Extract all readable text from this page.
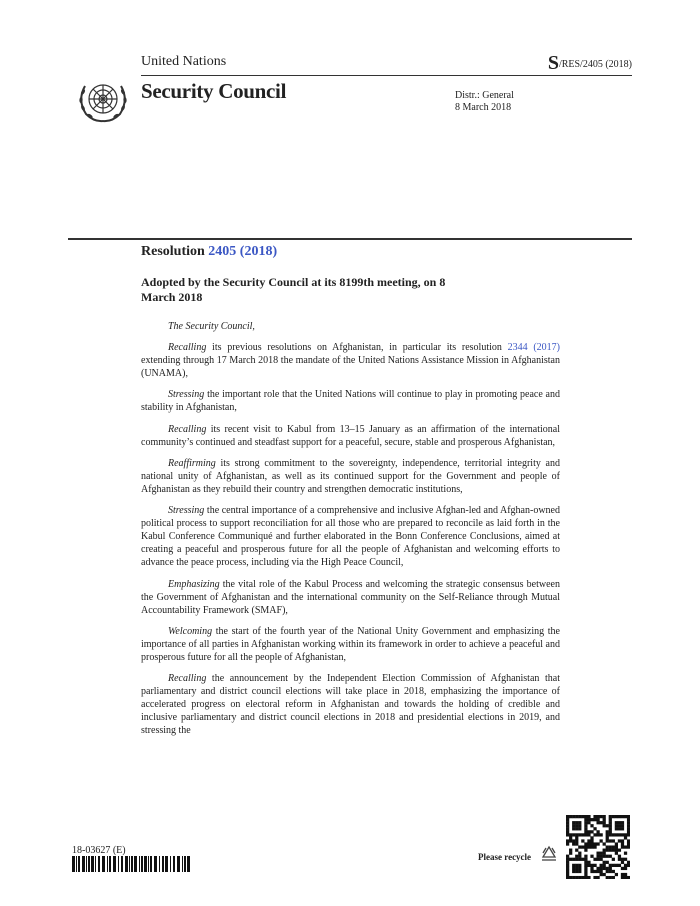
United Nations	S/RES/2405 (2018)
Security Council	Distr.: General
8 March 2018
Resolution 2405 (2018)
Adopted by the Security Council at its 8199th meeting, on 8 March 2018

The Security Council,

Recalling its previous resolutions on Afghanistan, in particular its resolution 2344 (2017) extending through 17 March 2018 the mandate of the United Nations Assistance Mission in Afghanistan (UNAMA),

Stressing the important role that the United Nations will continue to play in promoting peace and stability in Afghanistan,

Recalling its recent visit to Kabul from 13–15 January as an affirmation of the international community’s continued and steadfast support for a peaceful, secure, stable and prosperous Afghanistan,

Reaffirming its strong commitment to the sovereignty, independence, territorial integrity and national unity of Afghanistan, as well as its continued support for the Government and people of Afghanistan as they rebuild their country and strengthen democratic institutions,

Stressing the central importance of a comprehensive and inclusive Afghan-led and Afghan-owned political process to support reconciliation for all those who are prepared to reconcile as laid forth in the Kabul Conference Communiqué and further elaborated in the Bonn Conference Conclusions, aimed at creating a peaceful and prosperous future for all the people of Afghanistan and welcoming efforts to advance the peace process, including via the High Peace Council,

Emphasizing the vital role of the Kabul Process and welcoming the strategic consensus between the Government of Afghanistan and the international community on the Self-Reliance through Mutual Accountability Framework (SMAF),

Welcoming the start of the fourth year of the National Unity Government and emphasizing the importance of all parties in Afghanistan working within its framework in order to achieve a peaceful and prosperous future for all the people of Afghanistan,

Recalling the announcement by the Independent Election Commission of Afghanistan that parliamentary and district council elections will take place in 2018, emphasizing the importance of accelerated progress on electoral reform in Afghanistan and towards the holding of credible and inclusive parliamentary and district council elections in 2018 and presidential elections in 2019, and stressing the

18-03627 (E)
Please recycle
